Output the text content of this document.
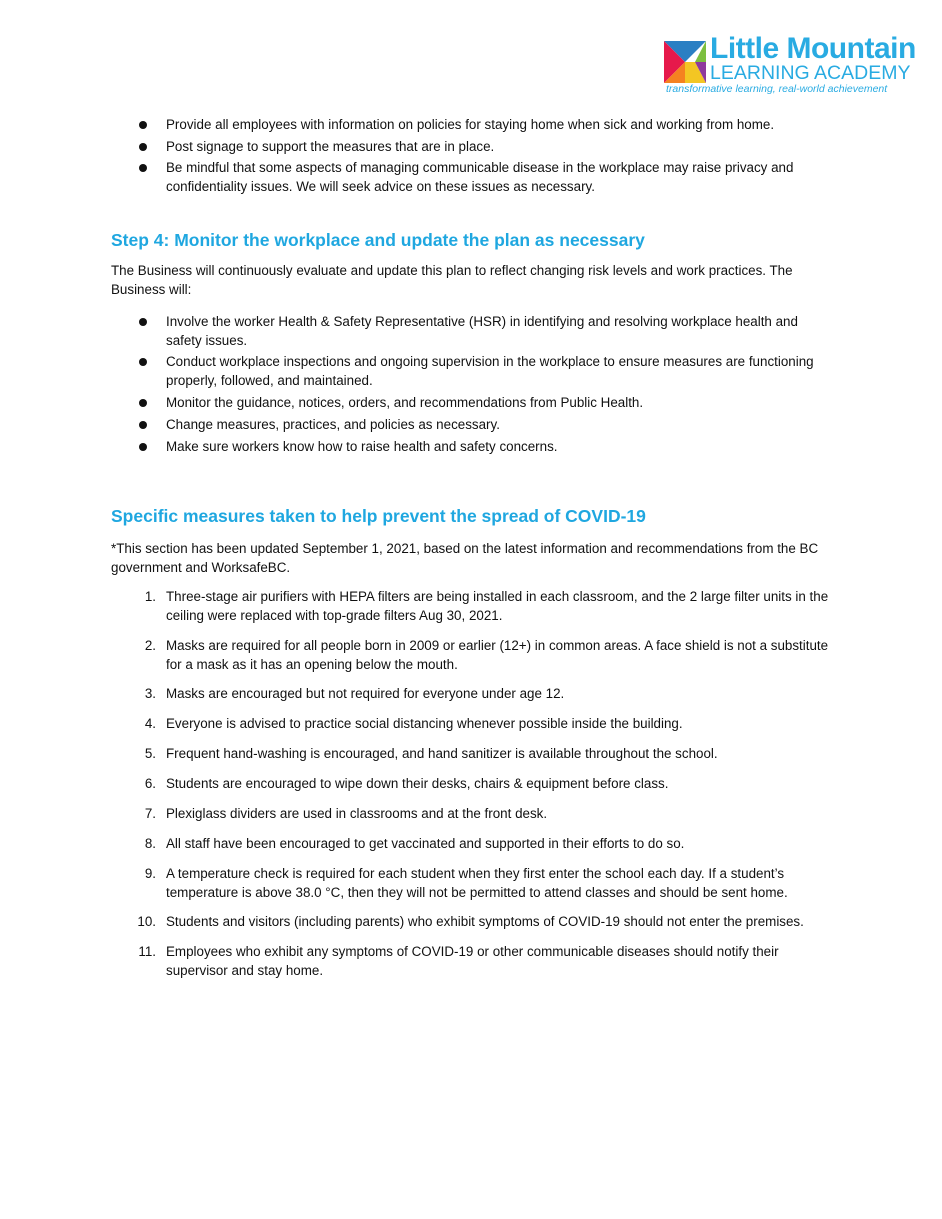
Little Mountain
LEARNING ACADEMY
transformative learning, real-world achievement
Provide all employees with information on policies for staying home when sick and working from home.
Post signage to support the measures that are in place.
Be mindful that some aspects of managing communicable disease in the workplace may raise privacy and confidentiality issues. We will seek advice on these issues as necessary.
Step 4: Monitor the workplace and update the plan as necessary
The Business will continuously evaluate and update this plan to reflect changing risk levels and work practices. The Business will:
Involve the worker Health & Safety Representative (HSR) in identifying and resolving workplace health and safety issues.
Conduct workplace inspections and ongoing supervision in the workplace to ensure measures are functioning properly, followed, and maintained.
Monitor the guidance, notices, orders, and recommendations from Public Health.
Change measures, practices, and policies as necessary.
Make sure workers know how to raise health and safety concerns.
Specific measures taken to help prevent the spread of COVID-19
*This section has been updated September 1, 2021, based on the latest information and recommendations from the BC government and WorksafeBC.
1. Three-stage air purifiers with HEPA filters are being installed in each classroom, and the 2 large filter units in the ceiling were replaced with top-grade filters Aug 30, 2021.
2. Masks are required for all people born in 2009 or earlier (12+) in common areas. A face shield is not a substitute for a mask as it has an opening below the mouth.
3. Masks are encouraged but not required for everyone under age 12.
4. Everyone is advised to practice social distancing whenever possible inside the building.
5. Frequent hand-washing is encouraged, and hand sanitizer is available throughout the school.
6. Students are encouraged to wipe down their desks, chairs & equipment before class.
7. Plexiglass dividers are used in classrooms and at the front desk.
8. All staff have been encouraged to get vaccinated and supported in their efforts to do so.
9. A temperature check is required for each student when they first enter the school each day. If a student’s temperature is above 38.0 °C, then they will not be permitted to attend classes and should be sent home.
10. Students and visitors (including parents) who exhibit symptoms of COVID-19 should not enter the premises.
11. Employees who exhibit any symptoms of COVID-19 or other communicable diseases should notify their supervisor and stay home.
